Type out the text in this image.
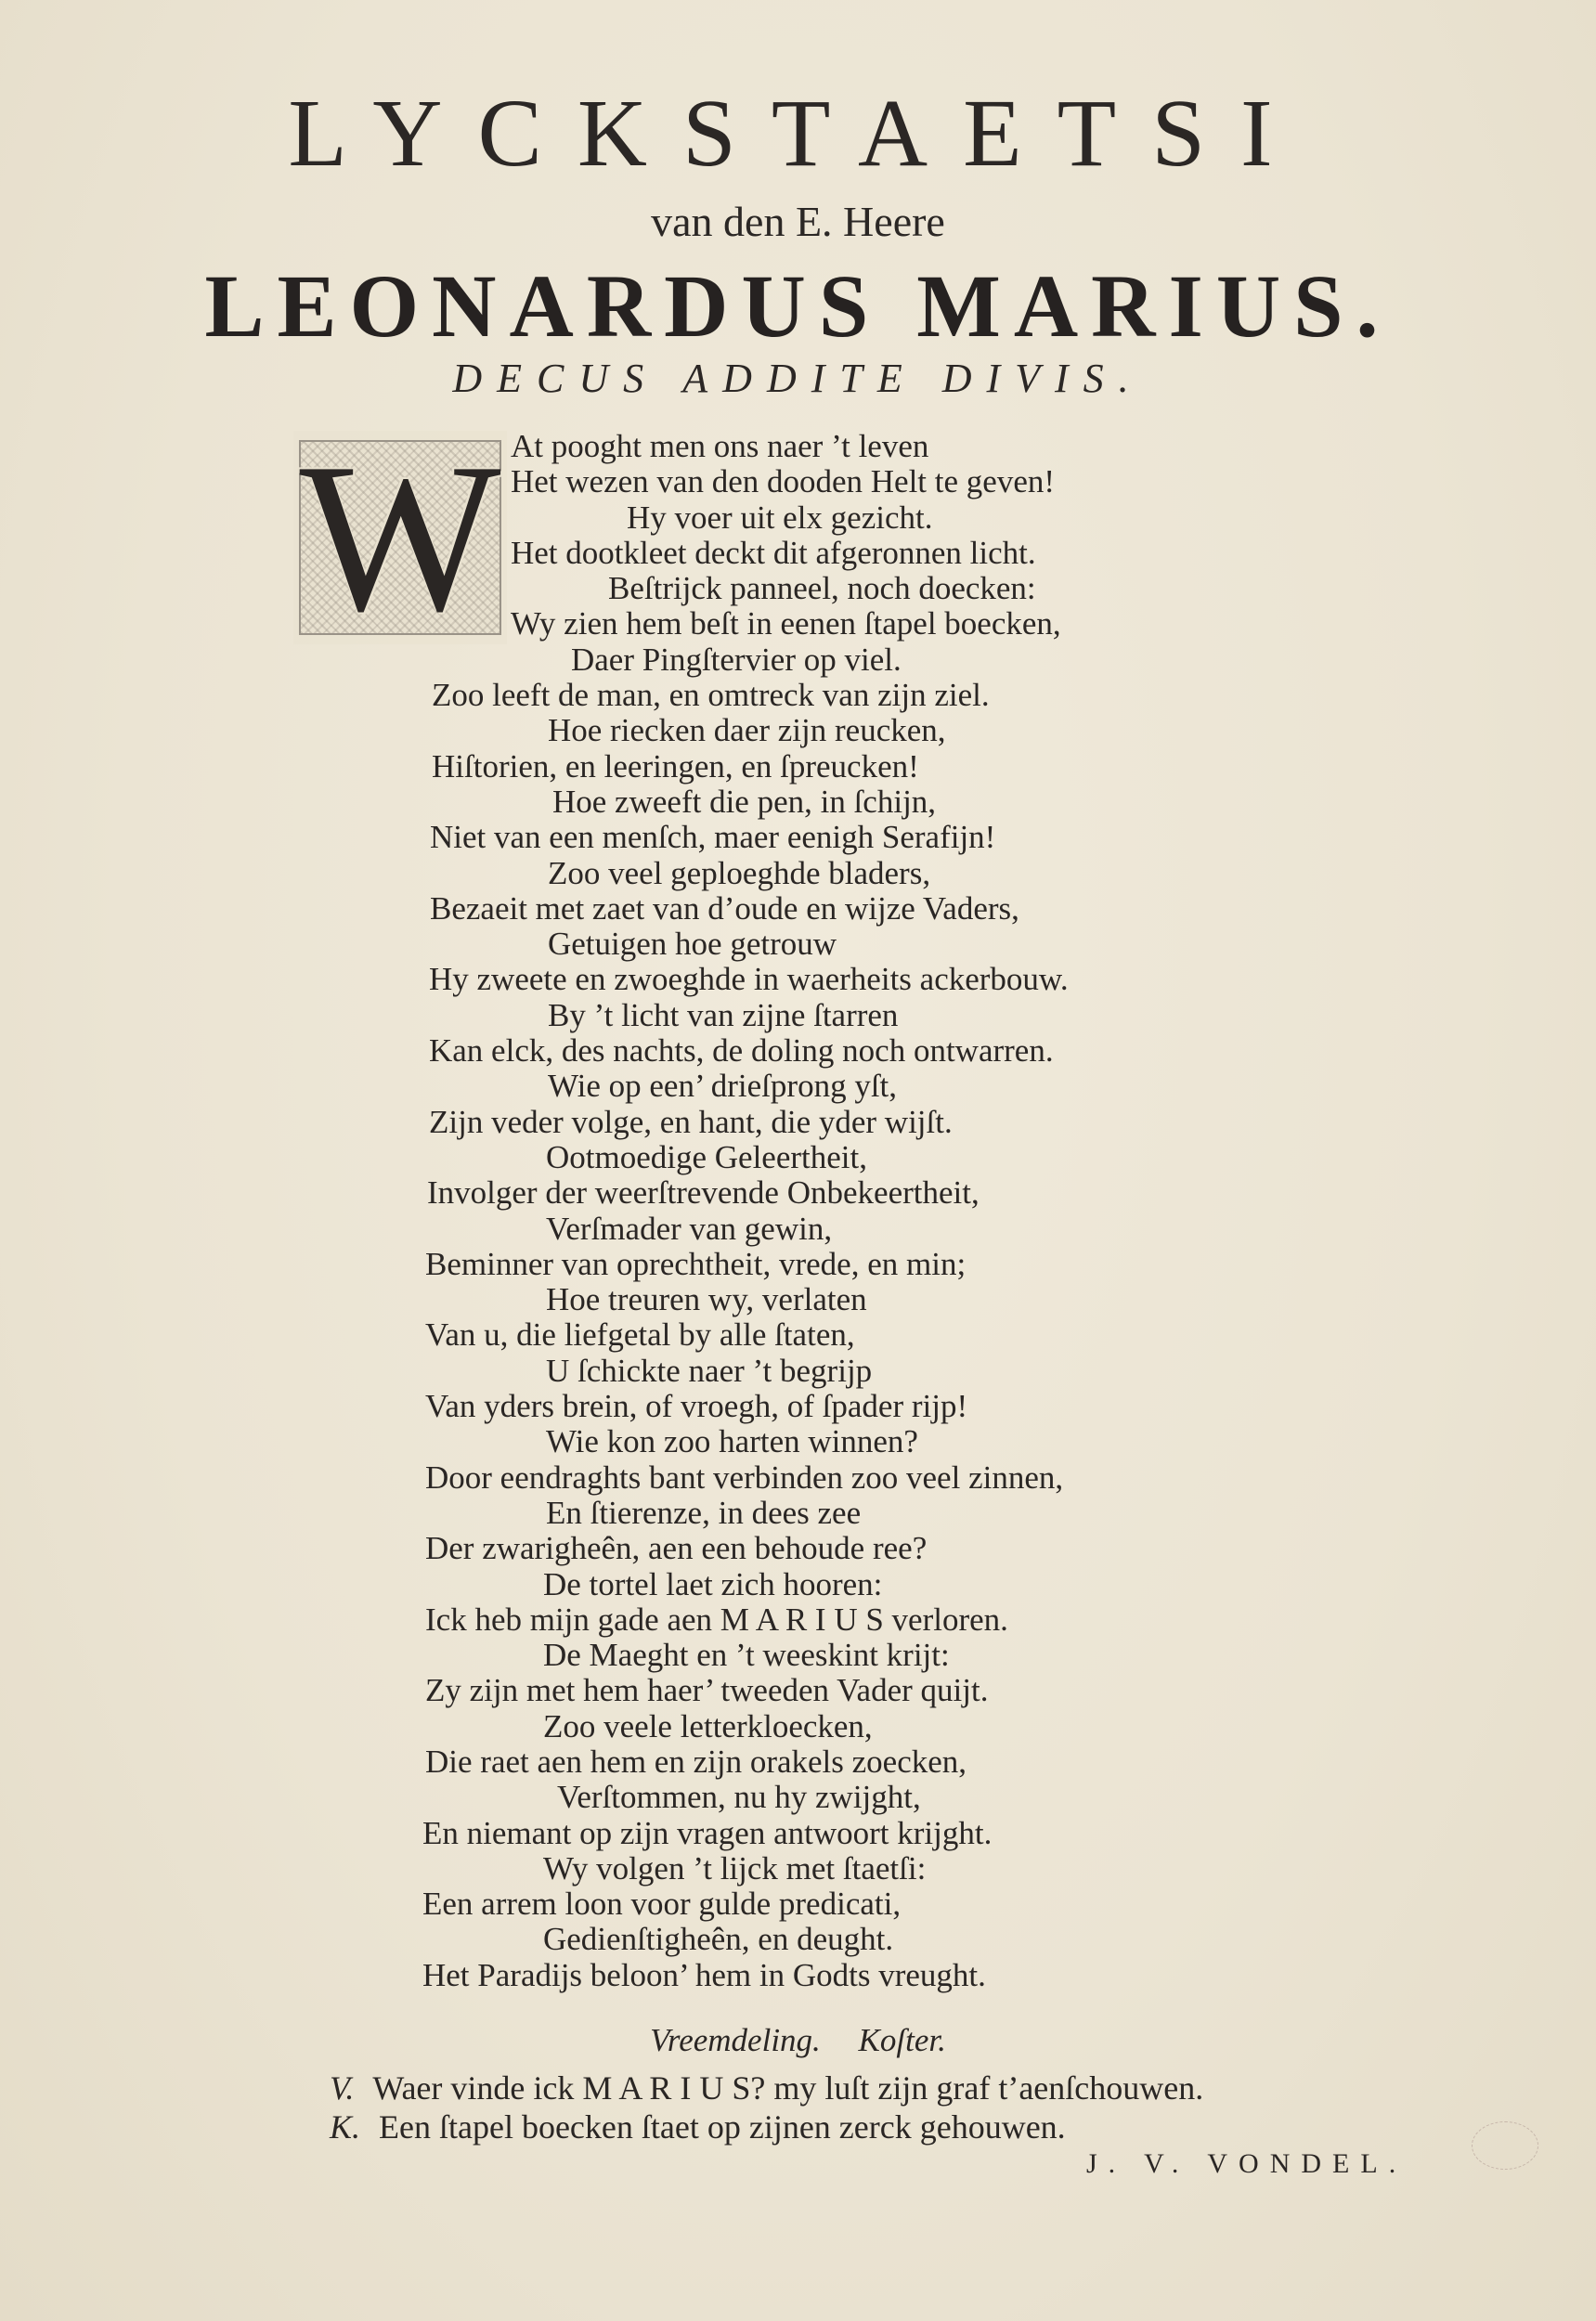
LYCKSTAETSI
van den E. Heere
LEONARDUS MARIUS.
DECUS ADDITE DIVIS.
W At pooght men ons naer ’t leven
Het wezen van den dooden Helt te geven!
Hy voer uit elx gezicht.
Het dootkleet deckt dit afgeronnen licht.
Beſtrijck panneel, noch doecken:
Wy zien hem beſt in eenen ſtapel boecken,
Daer Pingſtervier op viel.
Zoo leeft de man, en omtreck van zijn ziel.
Hoe riecken daer zijn reucken,
Hiſtorien, en leeringen, en ſpreucken!
Hoe zweeft die pen, in ſchijn,
Niet van een menſch, maer eenigh Serafijn!
Zoo veel geploeghde bladers,
Bezaeit met zaet van d’oude en wijze Vaders,
Getuigen hoe getrouw
Hy zweete en zwoeghde in waerheits ackerbouw.
By ’t licht van zijne ſtarren
Kan elck, des nachts, de doling noch ontwarren.
Wie op een’ drieſprong yſt,
Zijn veder volge, en hant, die yder wijſt.
Ootmoedige Geleertheit,
Involger der weerſtrevende Onbekeertheit,
Verſmader van gewin,
Beminner van oprechtheit, vrede, en min;
Hoe treuren wy, verlaten
Van u, die liefgetal by alle ſtaten,
U ſchickte naer ’t begrijp
Van yders brein, of vroegh, of ſpader rijp!
Wie kon zoo harten winnen?
Door eendraghts bant verbinden zoo veel zinnen,
En ſtierenze, in dees zee
Der zwarigheên, aen een behoude ree?
De tortel laet zich hooren:
Ick heb mijn gade aen M A R I U S verloren.
De Maeght en ’t weeskint krijt:
Zy zijn met hem haer’ tweeden Vader quijt.
Zoo veele letterkloecken,
Die raet aen hem en zijn orakels zoecken,
Verſtommen, nu hy zwijght,
En niemant op zijn vragen antwoort krijght.
Wy volgen ’t lijck met ſtaetſi:
Een arrem loon voor gulde predicati,
Gedienſtigheên, en deught.
Het Paradijs beloon’ hem in Godts vreught.
Vreemdeling. Koſter.
V. Waer vinde ick M A R I U S? my luſt zijn graf t’aenſchouwen.
K. Een ſtapel boecken ſtaet op zijnen zerck gehouwen.
J. V. VONDEL.
